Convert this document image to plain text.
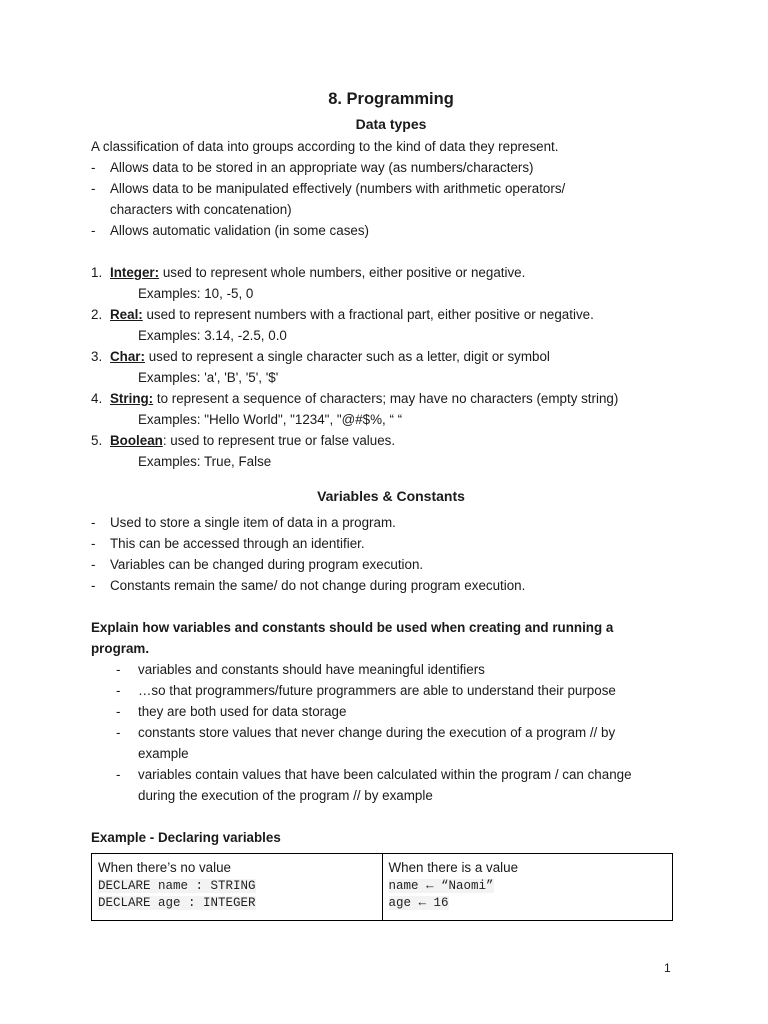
8. Programming
Data types
A classification of data into groups according to the kind of data they represent.
- Allows data to be stored in an appropriate way (as numbers/characters)
- Allows data to be manipulated effectively (numbers with arithmetic operators/
characters with concatenation)
- Allows automatic validation (in some cases)
1. Integer: used to represent whole numbers, either positive or negative.
Examples: 10, -5, 0
2. Real: used to represent numbers with a fractional part, either positive or negative.
Examples: 3.14, -2.5, 0.0
3. Char: used to represent a single character such as a letter, digit or symbol
Examples: 'a', 'B', '5', '$'
4. String: to represent a sequence of characters; may have no characters (empty string)
Examples: "Hello World", "1234", "@#$%, “ “
5. Boolean: used to represent true or false values.
Examples: True, False
Variables & Constants
- Used to store a single item of data in a program.
- This can be accessed through an identifier.
- Variables can be changed during program execution.
- Constants remain the same/ do not change during program execution.
Explain how variables and constants should be used when creating and running a
program.
- variables and constants should have meaningful identifiers
- …so that programmers/future programmers are able to understand their purpose
- they are both used for data storage
- constants store values that never change during the execution of a program // by
example
- variables contain values that have been calculated within the program / can change
during the execution of the program // by example
Example - Declaring variables
When there’s no value
DECLARE name : STRING
DECLARE age : INTEGER

When there is a value
name ← “Naomi”
age ← 16
1
